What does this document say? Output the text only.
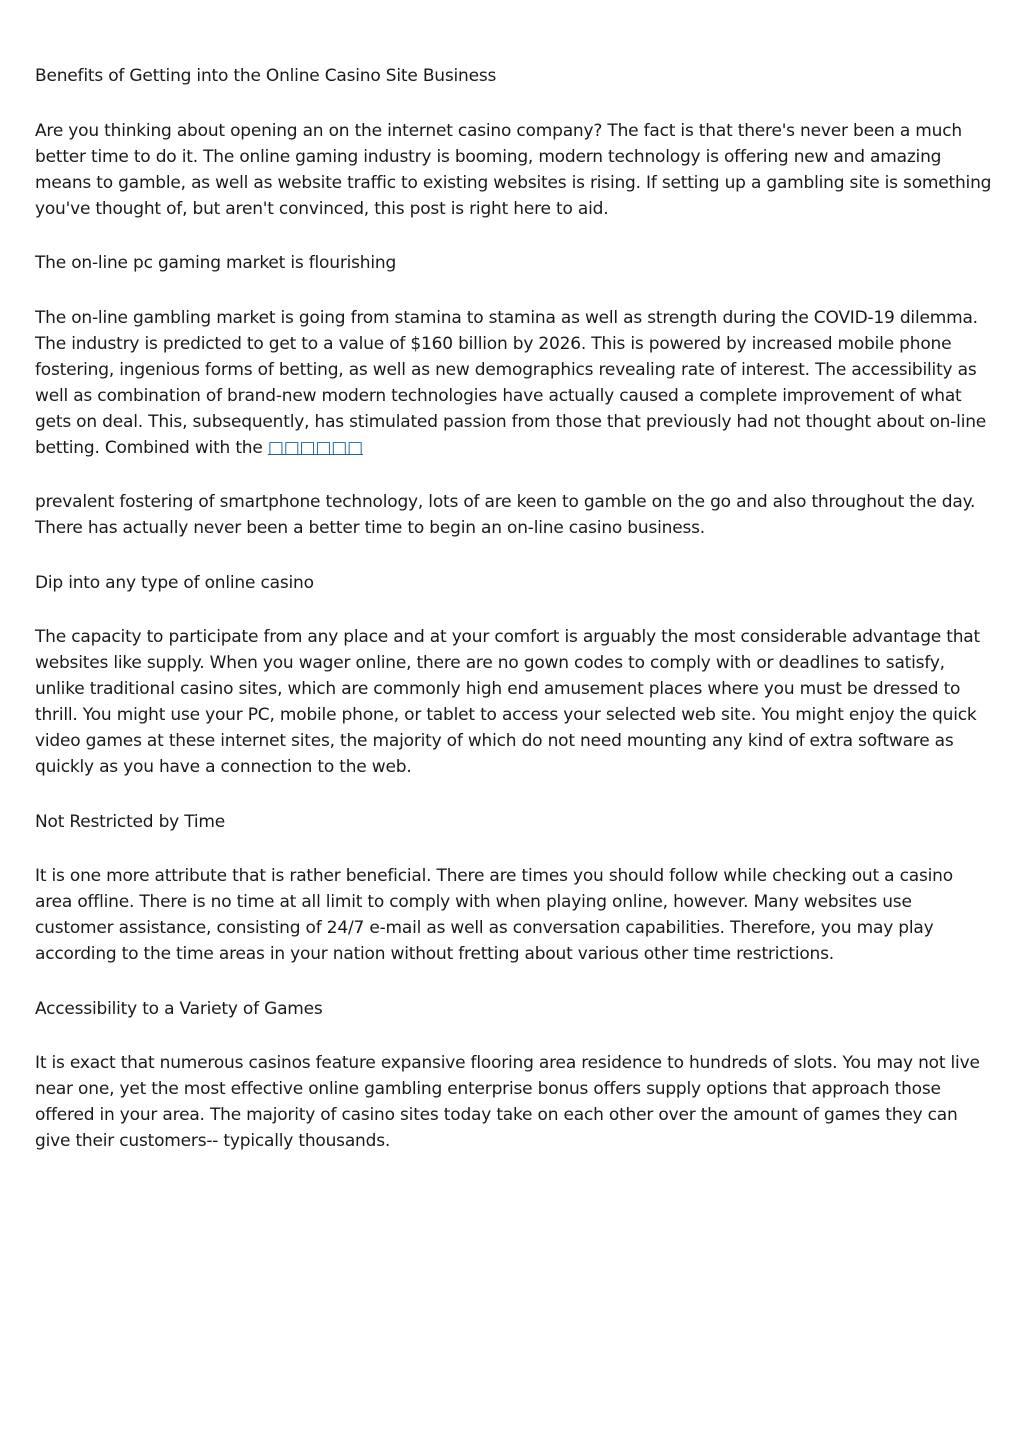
Benefits of Getting into the Online Casino Site Business

Are you thinking about opening an on the internet casino company? The fact is that there's never been a much better time to do it. The online gaming industry is booming, modern technology is offering new and amazing means to gamble, as well as website traffic to existing websites is rising. If setting up a gambling site is something you've thought of, but aren't convinced, this post is right here to aid.

The on-line pc gaming market is flourishing

The on-line gambling market is going from stamina to stamina as well as strength during the COVID-19 dilemma. The industry is predicted to get to a value of $160 billion by 2026. This is powered by increased mobile phone fostering, ingenious forms of betting, as well as new demographics revealing rate of interest. The accessibility as well as combination of brand-new modern technologies have actually caused a complete improvement of what gets on deal. This, subsequently, has stimulated passion from those that previously had not thought about on-line betting. Combined with the □□□□□□

prevalent fostering of smartphone technology, lots of are keen to gamble on the go and also throughout the day. There has actually never been a better time to begin an on-line casino business.

Dip into any type of online casino

The capacity to participate from any place and at your comfort is arguably the most considerable advantage that websites like supply. When you wager online, there are no gown codes to comply with or deadlines to satisfy, unlike traditional casino sites, which are commonly high end amusement places where you must be dressed to thrill. You might use your PC, mobile phone, or tablet to access your selected web site. You might enjoy the quick video games at these internet sites, the majority of which do not need mounting any kind of extra software as quickly as you have a connection to the web.

Not Restricted by Time

It is one more attribute that is rather beneficial. There are times you should follow while checking out a casino area offline. There is no time at all limit to comply with when playing online, however. Many websites use customer assistance, consisting of 24/7 e-mail as well as conversation capabilities. Therefore, you may play according to the time areas in your nation without fretting about various other time restrictions.

Accessibility to a Variety of Games

It is exact that numerous casinos feature expansive flooring area residence to hundreds of slots. You may not live near one, yet the most effective online gambling enterprise bonus offers supply options that approach those offered in your area. The majority of casino sites today take on each other over the amount of games they can give their customers-- typically thousands.
